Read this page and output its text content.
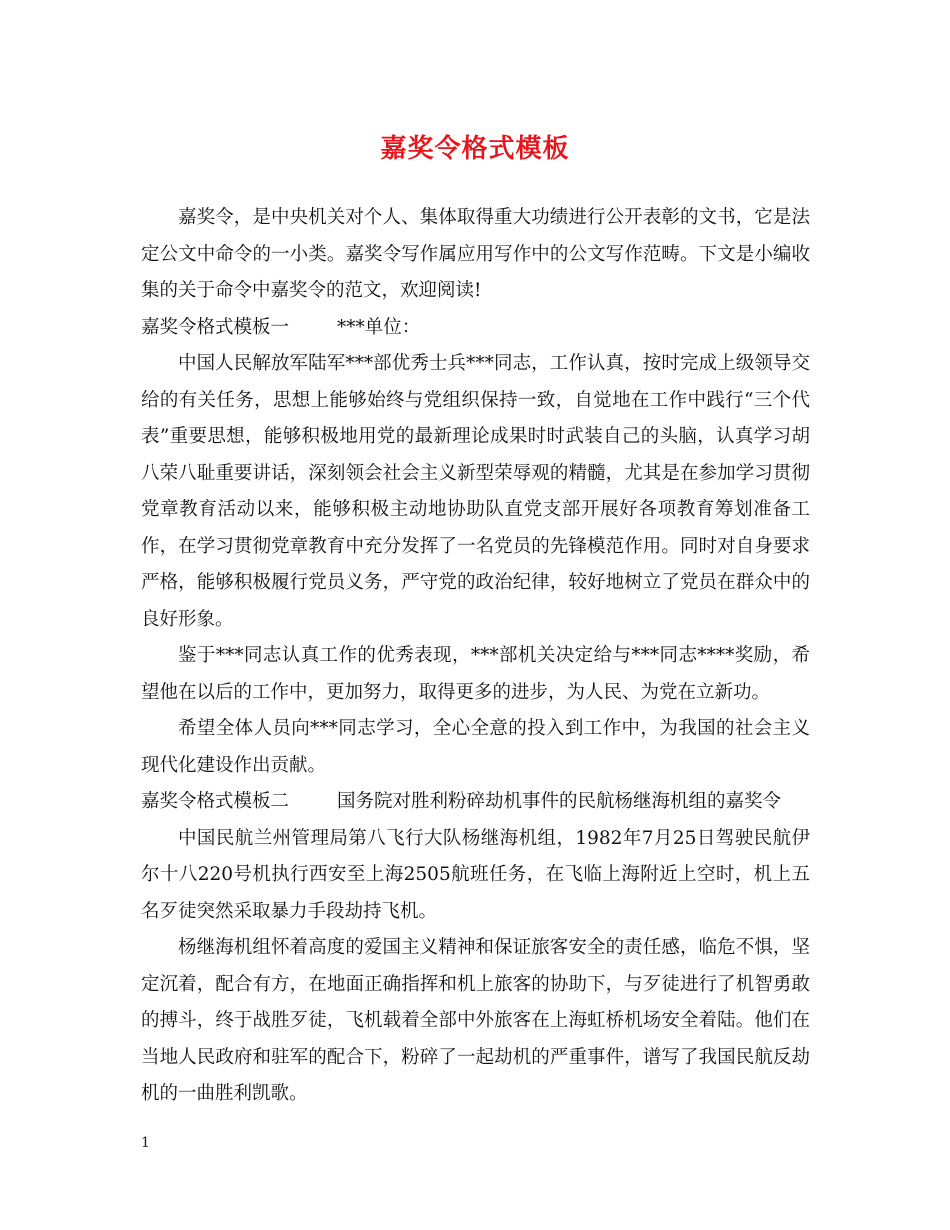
嘉奖令格式模板

嘉奖令，是中央机关对个人、集体取得重大功绩进行公开表彰的文书，它是法定公文中命令的一小类。嘉奖令写作属应用写作中的公文写作范畴。下文是小编收集的关于命令中嘉奖令的范文，欢迎阅读!

嘉奖令格式模板一	***单位：

中国人民解放军陆军***部优秀士兵***同志，工作认真，按时完成上级领导交给的有关任务，思想上能够始终与党组织保持一致，自觉地在工作中践行“三个代表”重要思想，能够积极地用党的最新理论成果时时武装自己的头脑，认真学习胡八荣八耻重要讲话，深刻领会社会主义新型荣辱观的精髓，尤其是在参加学习贯彻党章教育活动以来，能够积极主动地协助队直党支部开展好各项教育筹划准备工作，在学习贯彻党章教育中充分发挥了一名党员的先锋模范作用。同时对自身要求严格，能够积极履行党员义务，严守党的政治纪律，较好地树立了党员在群众中的良好形象。

鉴于***同志认真工作的优秀表现，***部机关决定给与***同志****奖励，希望他在以后的工作中，更加努力，取得更多的进步，为人民、为党在立新功。

希望全体人员向***同志学习，全心全意的投入到工作中，为我国的社会主义现代化建设作出贡献。

嘉奖令格式模板二	国务院对胜利粉碎劫机事件的民航杨继海机组的嘉奖令

中国民航兰州管理局第八飞行大队杨继海机组，1982年7月25日驾驶民航伊尔十八220号机执行西安至上海2505航班任务，在飞临上海附近上空时，机上五名歹徒突然采取暴力手段劫持飞机。

杨继海机组怀着高度的爱国主义精神和保证旅客安全的责任感，临危不惧，坚定沉着，配合有方，在地面正确指挥和机上旅客的协助下，与歹徒进行了机智勇敢的搏斗，终于战胜歹徒，飞机载着全部中外旅客在上海虹桥机场安全着陆。他们在当地人民政府和驻军的配合下，粉碎了一起劫机的严重事件，谱写了我国民航反劫机的一曲胜利凯歌。

1
